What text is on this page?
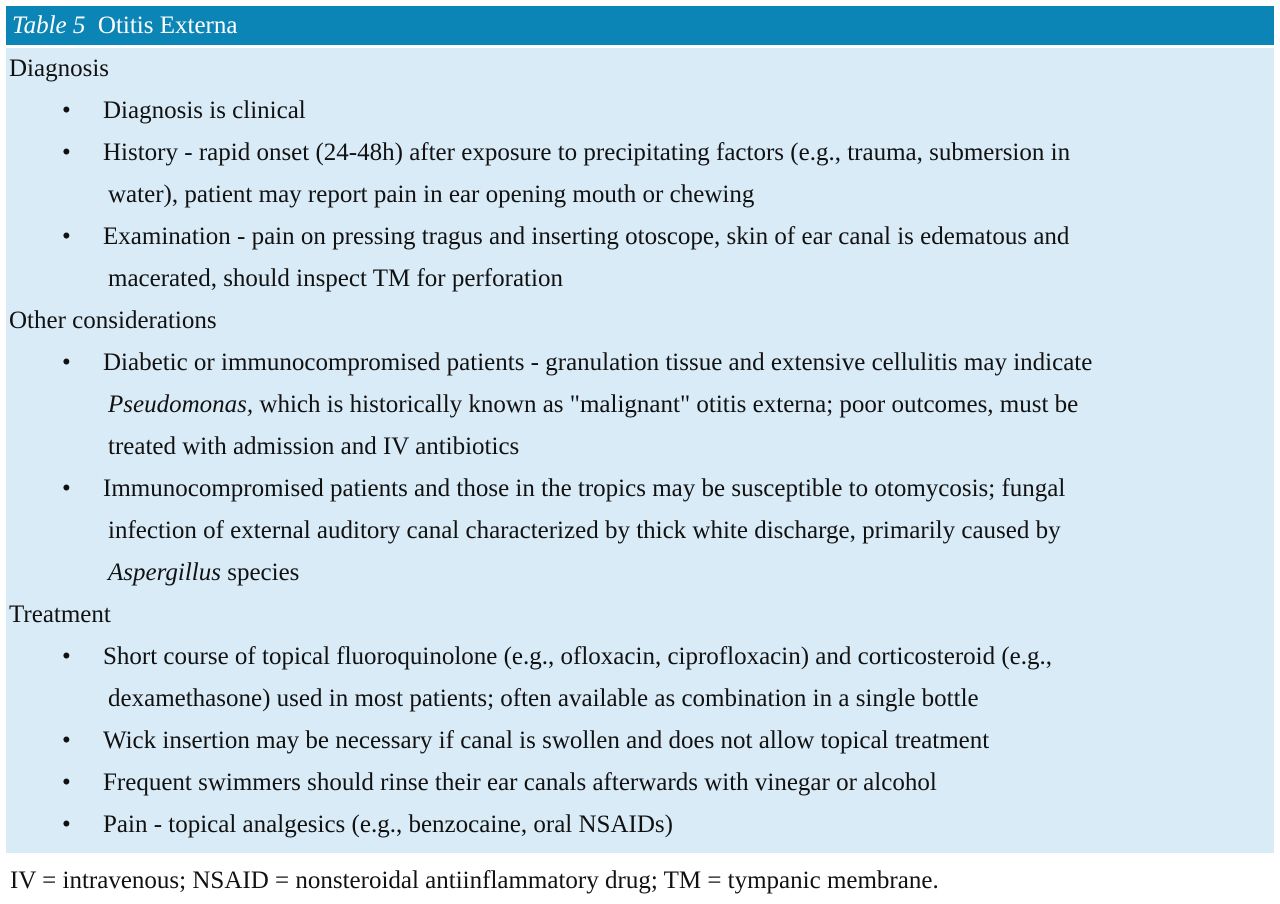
Table 5 Otitis Externa
Diagnosis
•	Diagnosis is clinical
•	History - rapid onset (24-48h) after exposure to precipitating factors (e.g., trauma, submersion in
water), patient may report pain in ear opening mouth or chewing
•	Examination - pain on pressing tragus and inserting otoscope, skin of ear canal is edematous and
macerated, should inspect TM for perforation
Other considerations
•	Diabetic or immunocompromised patients - granulation tissue and extensive cellulitis may indicate
Pseudomonas, which is historically known as "malignant" otitis externa; poor outcomes, must be
treated with admission and IV antibiotics
•	Immunocompromised patients and those in the tropics may be susceptible to otomycosis; fungal
infection of external auditory canal characterized by thick white discharge, primarily caused by
Aspergillus species
Treatment
•	Short course of topical fluoroquinolone (e.g., ofloxacin, ciprofloxacin) and corticosteroid (e.g.,
dexamethasone) used in most patients; often available as combination in a single bottle
•	Wick insertion may be necessary if canal is swollen and does not allow topical treatment
•	Frequent swimmers should rinse their ear canals afterwards with vinegar or alcohol
•	Pain - topical analgesics (e.g., benzocaine, oral NSAIDs)
IV = intravenous; NSAID = nonsteroidal antiinflammatory drug; TM = tympanic membrane.
